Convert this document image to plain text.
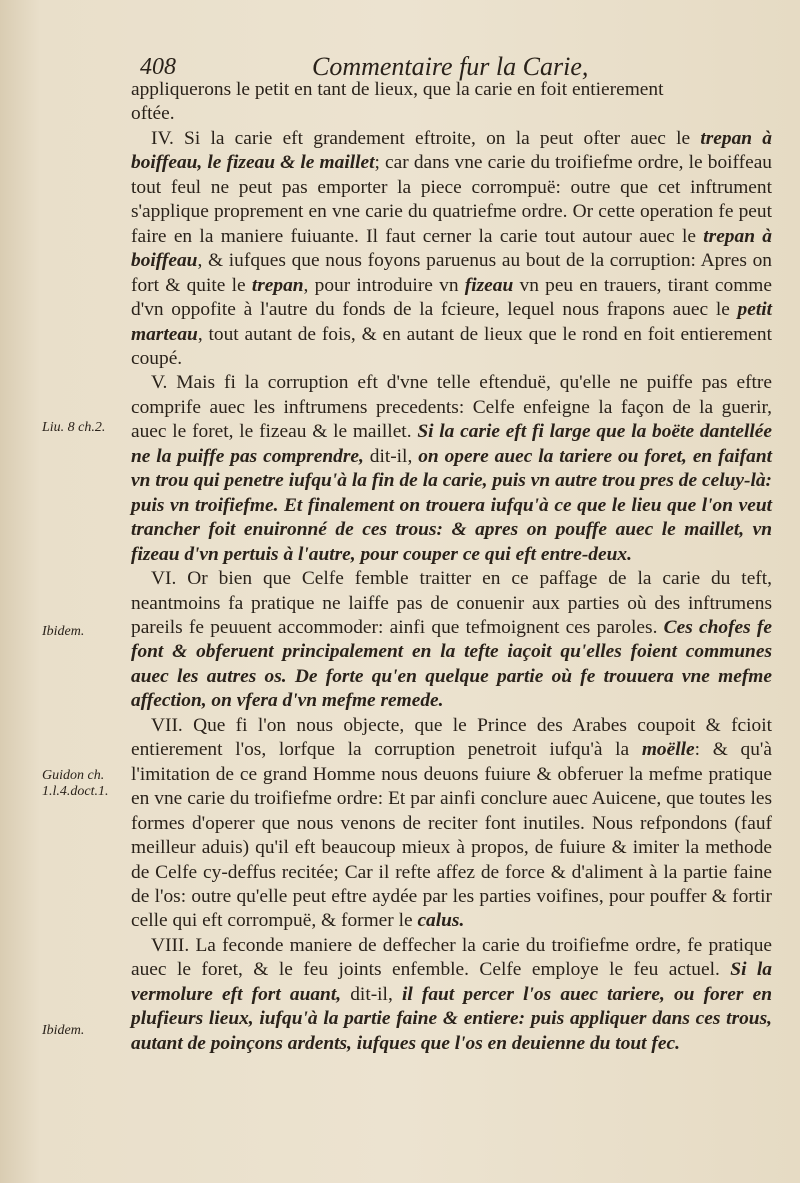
408	Commentaire fur la Carie,
Liu. 8 ch.2.
Ibidem.
Guidon ch. 1.l.4.doct.1.
Ibidem.

appliquerons le petit en tant de lieux, que la carie en foit entierement
oftée.

IV. Si la carie eft grandement eftroite, on la peut ofter auec le trepan à boiffeau, le fizeau & le maillet; car dans vne carie du troifiefme ordre, le boiffeau tout feul ne peut pas emporter la piece corrompuë: outre que cet inftrument s'applique proprement en vne carie du quatriefme ordre. Or cette operation fe peut faire en la maniere fuiuante. Il faut cerner la carie tout autour auec le trepan à boiffeau, & iufques que nous foyons paruenus au bout de la corruption: Apres on fort & quite le trepan, pour introduire vn fizeau vn peu en trauers, tirant comme d'vn oppofite à l'autre du fonds de la fcieure, lequel nous frapons auec le petit marteau, tout autant de fois, & en autant de lieux que le rond en foit entierement coupé.

V. Mais fi la corruption eft d'vne telle eftenduë, qu'elle ne puiffe pas eftre comprife auec les inftrumens precedents: Celfe enfeigne la façon de la guerir, auec le foret, le fizeau & le maillet. Si la carie eft fi large que la boëte dantellée ne la puiffe pas comprendre, dit-il, on opere auec la tariere ou foret, en faifant vn trou qui penetre iufqu'à la fin de la carie, puis vn autre trou pres de celuy-là: puis vn troifiefme. Et finalement on trouera iufqu'à ce que le lieu que l'on veut trancher foit enuironné de ces trous: & apres on pouffe auec le maillet, vn fizeau d'vn pertuis à l'autre, pour couper ce qui eft entre-deux.

VI. Or bien que Celfe femble traitter en ce paffage de la carie du teft, neantmoins fa pratique ne laiffe pas de conuenir aux parties où des inftrumens pareils fe peuuent accommoder: ainfi que tefmoignent ces paroles. Ces chofes fe font & obferuent principalement en la tefte iaçoit qu'elles foient communes auec les autres os. De forte qu'en quelque partie où fe trouuera vne mefme affection, on vfera d'vn mefme remede.

VII. Que fi l'on nous objecte, que le Prince des Arabes coupoit & fcioit entierement l'os, lorfque la corruption penetroit iufqu'à la moëlle: & qu'à l'imitation de ce grand Homme nous deuons fuiure & obferuer la mefme pratique en vne carie du troifiefme ordre: Et par ainfi conclure auec Auicene, que toutes les formes d'operer que nous venons de reciter font inutiles. Nous refpondons (fauf meilleur aduis) qu'il eft beaucoup mieux à propos, de fuiure & imiter la methode de Celfe cy-deffus recitée; Car il refte affez de force & d'aliment à la partie faine de l'os: outre qu'elle peut eftre aydée par les parties voifines, pour pouffer & fortir celle qui eft corrompuë, & former le calus.

VIII. La feconde maniere de deffecher la carie du troifiefme ordre, fe pratique auec le foret, & le feu joints enfemble. Celfe employe le feu actuel. Si la vermolure eft fort auant, dit-il, il faut percer l'os auec tariere, ou forer en plufieurs lieux, iufqu'à la partie faine & entiere: puis appliquer dans ces trous, autant de poinçons ardents, iufques que l'os en deuienne du tout fec.
